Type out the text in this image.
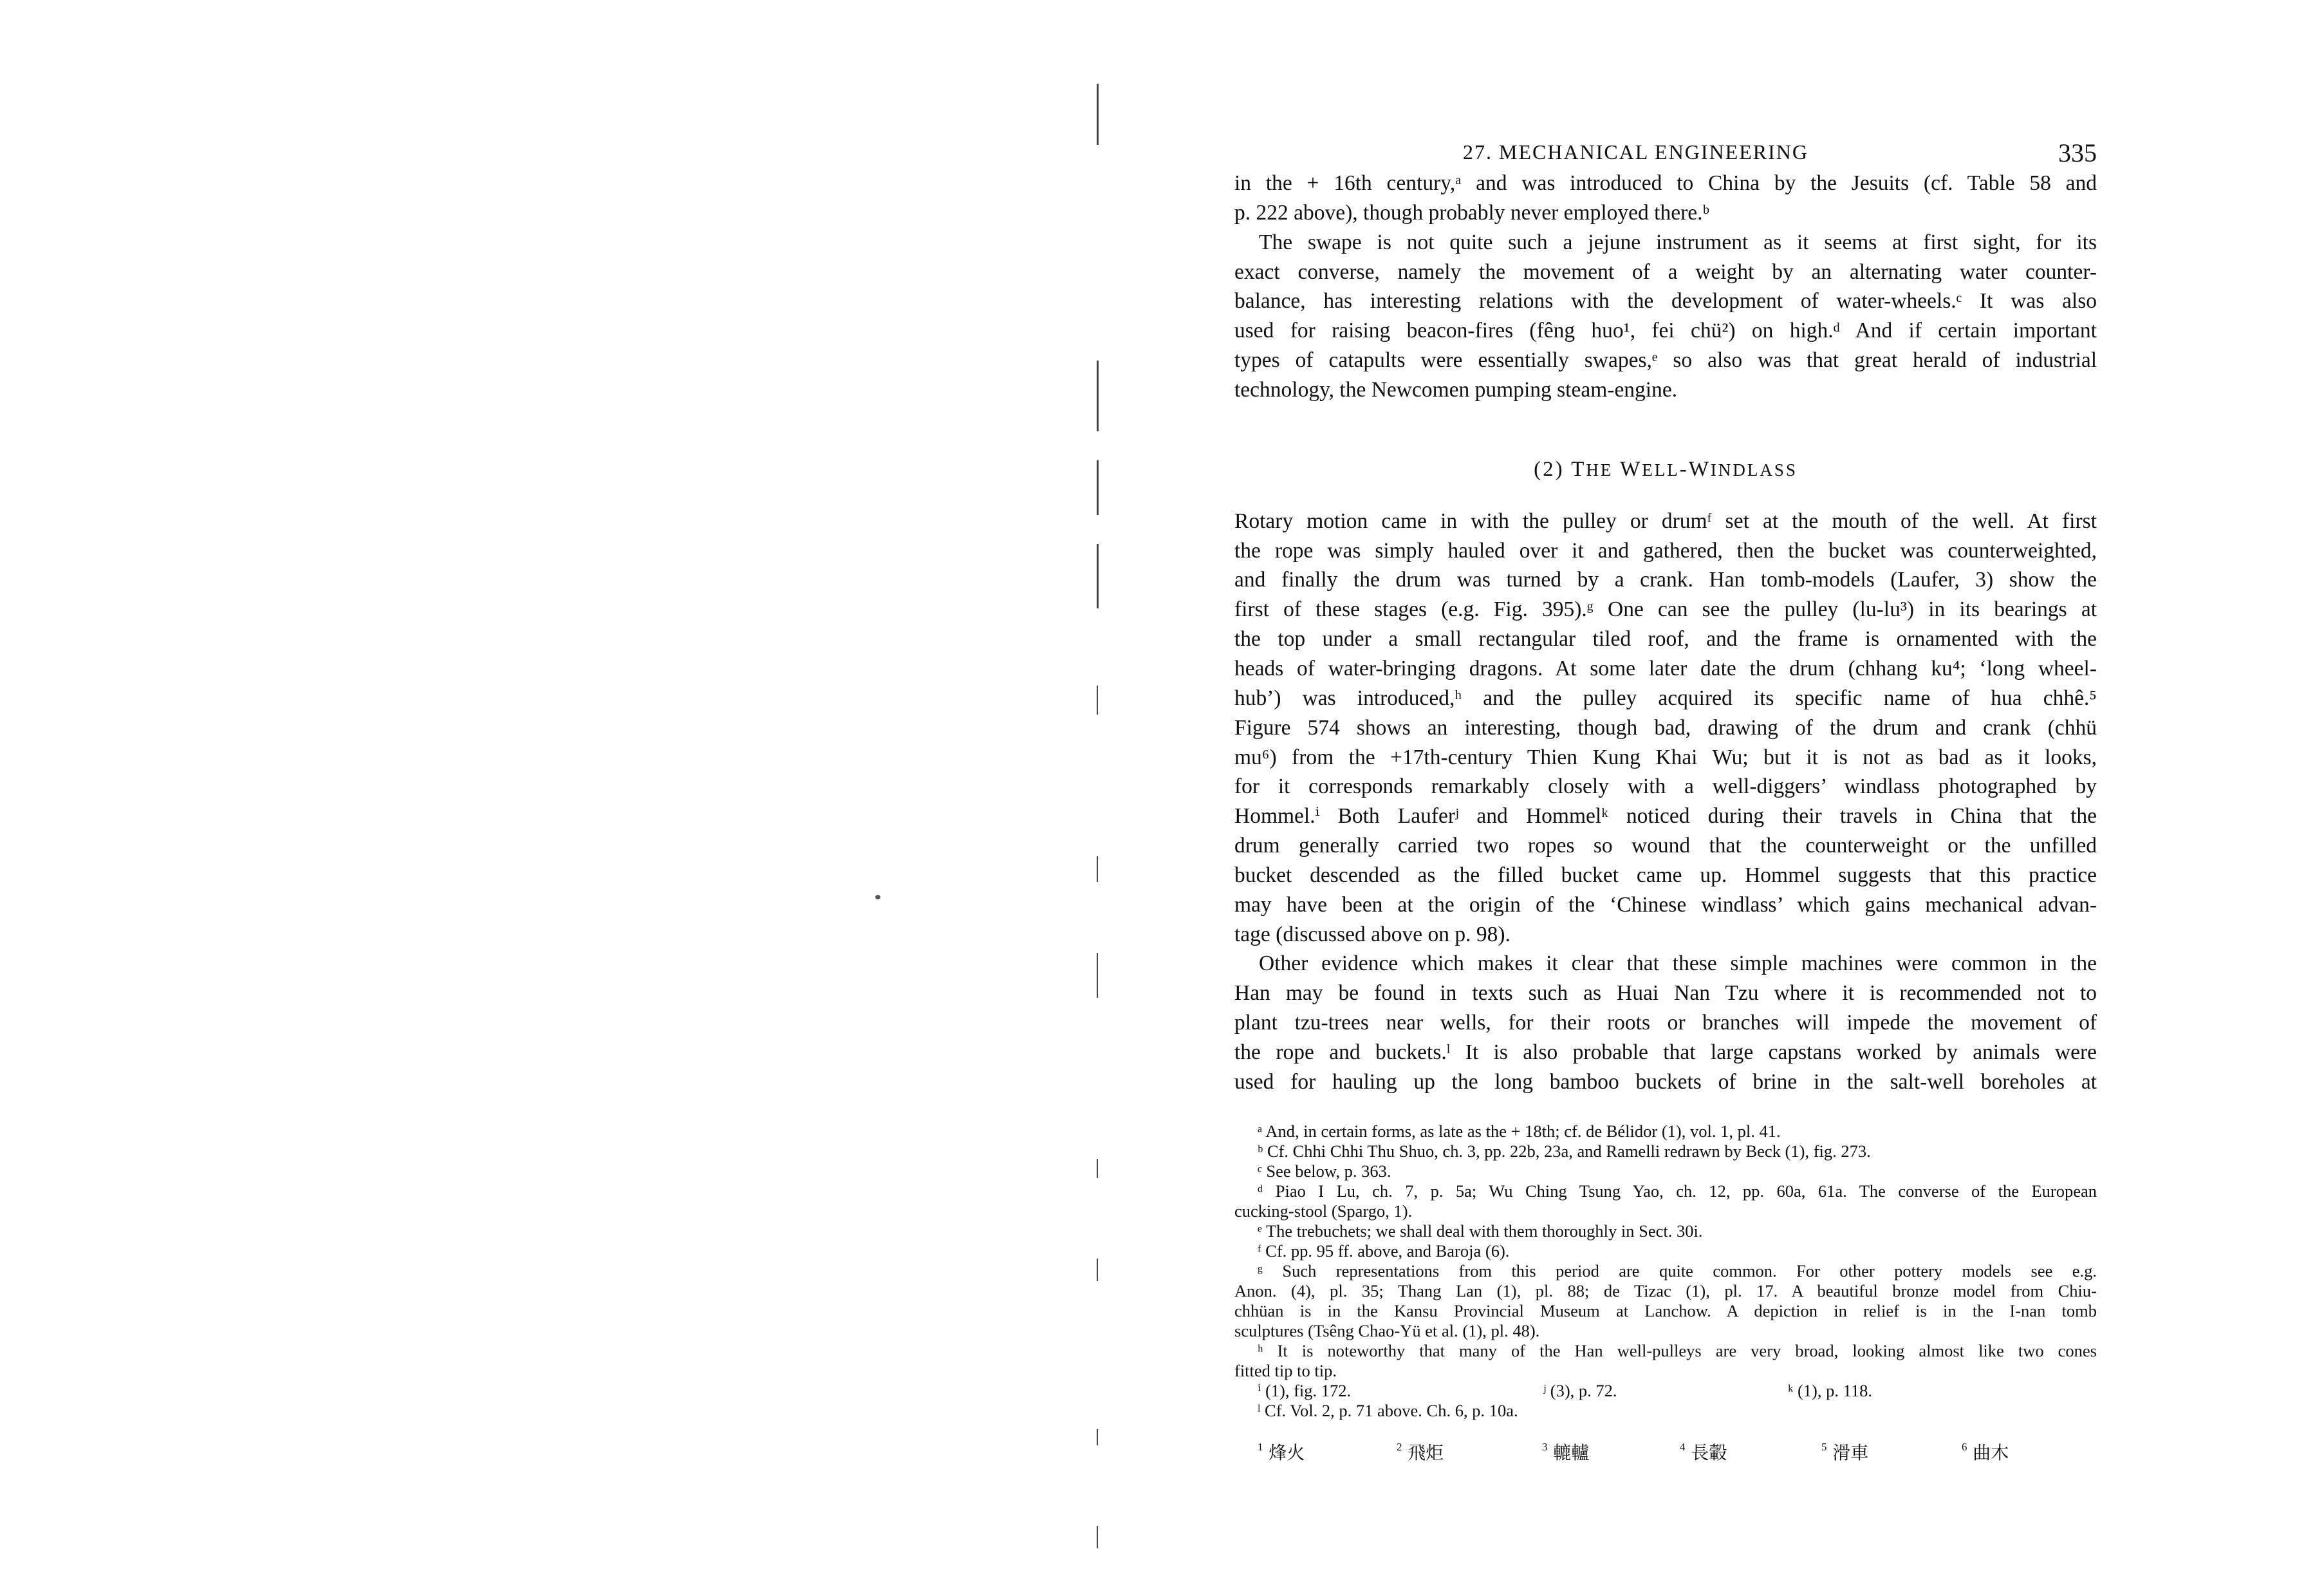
27. MECHANICAL ENGINEERING	335
in the + 16th century,ᵃ and was introduced to China by the Jesuits (cf. Table 58 and
p. 222 above), though probably never employed there.ᵇ
The swape is not quite such a jejune instrument as it seems at first sight, for its
exact converse, namely the movement of a weight by an alternating water counter-
balance, has interesting relations with the development of water-wheels.ᶜ It was also
used for raising beacon-fires (fêng huo¹, fei chü²) on high.ᵈ And if certain important
types of catapults were essentially swapes,ᵉ so also was that great herald of industrial
technology, the Newcomen pumping steam-engine.
(2) THE WELL-WINDLASS
Rotary motion came in with the pulley or drumᶠ set at the mouth of the well. At first
the rope was simply hauled over it and gathered, then the bucket was counterweighted,
and finally the drum was turned by a crank. Han tomb-models (Laufer, 3) show the
first of these stages (e.g. Fig. 395).ᵍ One can see the pulley (lu-lu³) in its bearings at
the top under a small rectangular tiled roof, and the frame is ornamented with the
heads of water-bringing dragons. At some later date the drum (chhang ku⁴; ‘long wheel-
hub’) was introduced,ʰ and the pulley acquired its specific name of hua chhê.⁵
Figure 574 shows an interesting, though bad, drawing of the drum and crank (chhü
mu⁶) from the +17th-century Thien Kung Khai Wu; but it is not as bad as it looks,
for it corresponds remarkably closely with a well-diggers’ windlass photographed by
Hommel.ⁱ Both Lauferʲ and Hommelᵏ noticed during their travels in China that the
drum generally carried two ropes so wound that the counterweight or the unfilled
bucket descended as the filled bucket came up. Hommel suggests that this practice
may have been at the origin of the ‘Chinese windlass’ which gains mechanical advan-
tage (discussed above on p. 98).
Other evidence which makes it clear that these simple machines were common in the
Han may be found in texts such as Huai Nan Tzu where it is recommended not to
plant tzu-trees near wells, for their roots or branches will impede the movement of
the rope and buckets.ˡ It is also probable that large capstans worked by animals were
used for hauling up the long bamboo buckets of brine in the salt-well boreholes at
ᵃ And, in certain forms, as late as the + 18th; cf. de Bélidor (1), vol. 1, pl. 41.
ᵇ Cf. Chhi Chhi Thu Shuo, ch. 3, pp. 22b, 23a, and Ramelli redrawn by Beck (1), fig. 273.
ᶜ See below, p. 363.
ᵈ Piao I Lu, ch. 7, p. 5a; Wu Ching Tsung Yao, ch. 12, pp. 60a, 61a. The converse of the European
cucking-stool (Spargo, 1).
ᵉ The trebuchets; we shall deal with them thoroughly in Sect. 30i.
ᶠ Cf. pp. 95 ff. above, and Baroja (6).
ᵍ Such representations from this period are quite common. For other pottery models see e.g.
Anon. (4), pl. 35; Thang Lan (1), pl. 88; de Tizac (1), pl. 17. A beautiful bronze model from Chiu-
chhüan is in the Kansu Provincial Museum at Lanchow. A depiction in relief is in the I-nan tomb
sculptures (Tsêng Chao-Yü et al. (1), pl. 48).
ʰ It is noteworthy that many of the Han well-pulleys are very broad, looking almost like two cones
fitted tip to tip.
ⁱ (1), fig. 172.	ʲ (3), p. 72.	ᵏ (1), p. 118.
ˡ Cf. Vol. 2, p. 71 above. Ch. 6, p. 10a.
$^1$ 烽火	$^2$ 飛炬	$^3$ 轆轤	$^4$ 長轂	$^5$ 滑車	$^6$ 曲木
